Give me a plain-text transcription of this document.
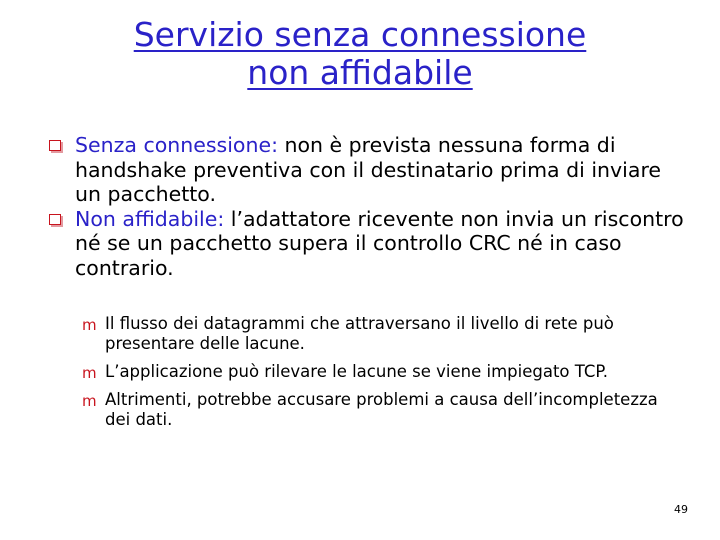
Servizio senza connessione
non affidabile
Senza connessione: non è prevista nessuna forma di handshake preventiva con il destinatario prima di inviare un pacchetto.
Non affidabile: l’adattatore ricevente non invia un riscontro né se un pacchetto supera il controllo CRC né in caso contrario.
m Il flusso dei datagrammi che attraversano il livello di rete può presentare delle lacune.
m L’applicazione può rilevare le lacune se viene impiegato TCP.
m Altrimenti, potrebbe accusare problemi a causa dell’incompletezza dei dati.
49
